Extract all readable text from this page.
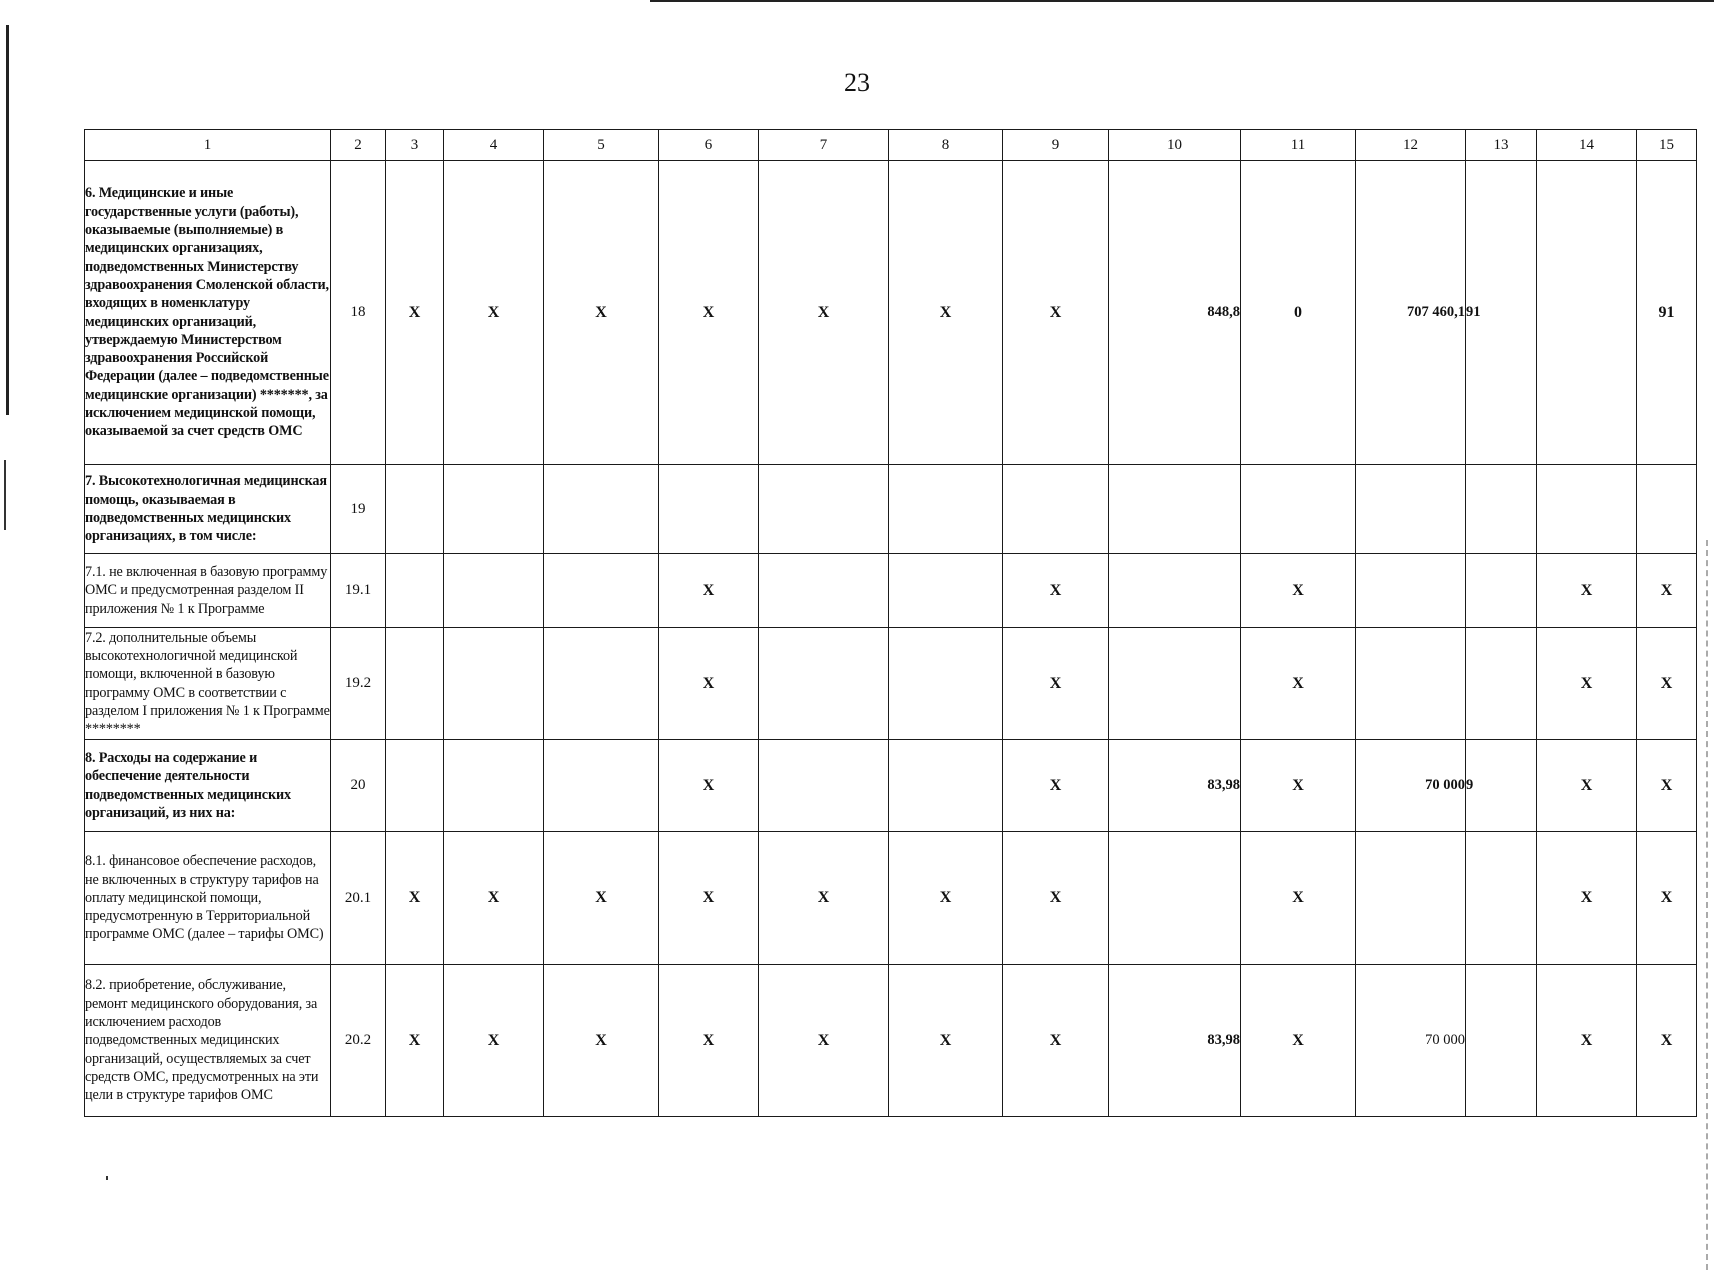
23
1	2	3	4	5	6	7	8	9	10	11	12	13	14	15
6. Медицинские и иные государственные услуги (работы), оказываемые (выполняемые) в медицинских организациях, подведомственных Министерству здравоохранения Смоленской области, входящих в номенклатуру медицинских организаций, утверждаемую Министерством здравоохранения Российской Федерации (далее – подведомственные медицинские организации) *******, за исключением медицинской помощи, оказываемой за счет средств ОМС	18	X	X	X	X	X	X	X	848,8	0	707 460,1	91		91
7. Высокотехнологичная медицинская помощь, оказываемая в подведомственных медицинских организациях, в том числе:	19													
7.1. не включенная в базовую программу ОМС и предусмотренная разделом II приложения № 1 к Программе	19.1				X			X		X			X	X
7.2. дополнительные объемы высокотехнологичной медицинской помощи, включенной в базовую программу ОМС в соответствии с разделом I приложения № 1 к Программе ********	19.2				X			X		X			X	X
8. Расходы на содержание и обеспечение деятельности подведомственных медицинских организаций, из них на:	20				X			X	83,98	X	70 000	9	X	X
8.1. финансовое обеспечение расходов, не включенных в структуру тарифов на оплату медицинской помощи, предусмотренную в Территориальной программе ОМС (далее – тарифы ОМС)	20.1	X	X	X	X	X	X	X		X			X	X
8.2. приобретение, обслуживание, ремонт медицинского оборудования, за исключением расходов подведомственных медицинских организаций, осуществляемых за счет средств ОМС, предусмотренных на эти цели в структуре тарифов ОМС	20.2	X	X	X	X	X	X	X	83,98	X	70 000		X	X
